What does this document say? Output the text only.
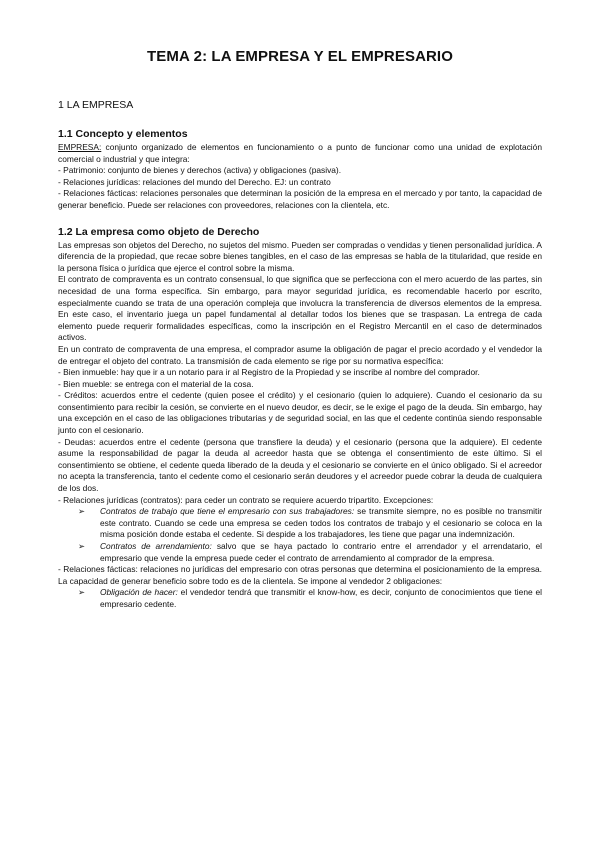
TEMA 2: LA EMPRESA Y EL EMPRESARIO
1 LA EMPRESA
1.1 Concepto y elementos

EMPRESA: conjunto organizado de elementos en funcionamiento o a punto de funcionar como una unidad de explotación comercial o industrial y que integra:

- Patrimonio: conjunto de bienes y derechos (activa) y obligaciones (pasiva).

- Relaciones jurídicas: relaciones del mundo del Derecho. EJ: un contrato

- Relaciones fácticas: relaciones personales que determinan la posición de la empresa en el mercado y por tanto, la capacidad de generar beneficio. Puede ser relaciones con proveedores, relaciones con la clientela, etc.

1.2 La empresa como objeto de Derecho

Las empresas son objetos del Derecho, no sujetos del mismo. Pueden ser compradas o vendidas y tienen personalidad jurídica. A diferencia de la propiedad, que recae sobre bienes tangibles, en el caso de las empresas se habla de la titularidad, que reside en la persona física o jurídica que ejerce el control sobre la misma.

El contrato de compraventa es un contrato consensual, lo que significa que se perfecciona con el mero acuerdo de las partes, sin necesidad de una forma específica. Sin embargo, para mayor seguridad jurídica, es recomendable hacerlo por escrito, especialmente cuando se trata de una operación compleja que involucra la transferencia de diversos elementos de la empresa. En este caso, el inventario juega un papel fundamental al detallar todos los bienes que se traspasan. La entrega de cada elemento puede requerir formalidades específicas, como la inscripción en el Registro Mercantil en el caso de determinados activos.

En un contrato de compraventa de una empresa, el comprador asume la obligación de pagar el precio acordado y el vendedor la de entregar el objeto del contrato. La transmisión de cada elemento se rige por su normativa específica:

- Bien inmueble: hay que ir a un notario para ir al Registro de la Propiedad y se inscribe al nombre del comprador.

- Bien mueble: se entrega con el material de la cosa.

- Créditos: acuerdos entre el cedente (quien posee el crédito) y el cesionario (quien lo adquiere). Cuando el cesionario da su consentimiento para recibir la cesión, se convierte en el nuevo deudor, es decir, se le exige el pago de la deuda. Sin embargo, hay una excepción en el caso de las obligaciones tributarias y de seguridad social, en las que el cedente continúa siendo responsable junto con el cesionario.

- Deudas: acuerdos entre el cedente (persona que transfiere la deuda) y el cesionario (persona que la adquiere). El cedente asume la responsabilidad de pagar la deuda al acreedor hasta que se obtenga el consentimiento de este último. Si el consentimiento se obtiene, el cedente queda liberado de la deuda y el cesionario se convierte en el único obligado. Si el acreedor no acepta la transferencia, tanto el cedente como el cesionario serán deudores y el acreedor puede cobrar la deuda de cualquiera de los dos.

- Relaciones jurídicas (contratos): para ceder un contrato se requiere acuerdo tripartito. Excepciones:

➢ Contratos de trabajo que tiene el empresario con sus trabajadores: se transmite siempre, no es posible no transmitir este contrato. Cuando se cede una empresa se ceden todos los contratos de trabajo y el cesionario se coloca en la misma posición donde estaba el cedente. Si despide a los trabajadores, les tiene que pagar una indemnización.
➢ Contratos de arrendamiento: salvo que se haya pactado lo contrario entre el arrendador y el arrendatario, el empresario que vende la empresa puede ceder el contrato de arrendamiento al comprador de la empresa.

- Relaciones fácticas: relaciones no jurídicas del empresario con otras personas que determina el posicionamiento de la empresa. La capacidad de generar beneficio sobre todo es de la clientela. Se impone al vendedor 2 obligaciones:

➢ Obligación de hacer: el vendedor tendrá que transmitir el know-how, es decir, conjunto de conocimientos que tiene el empresario cedente.
